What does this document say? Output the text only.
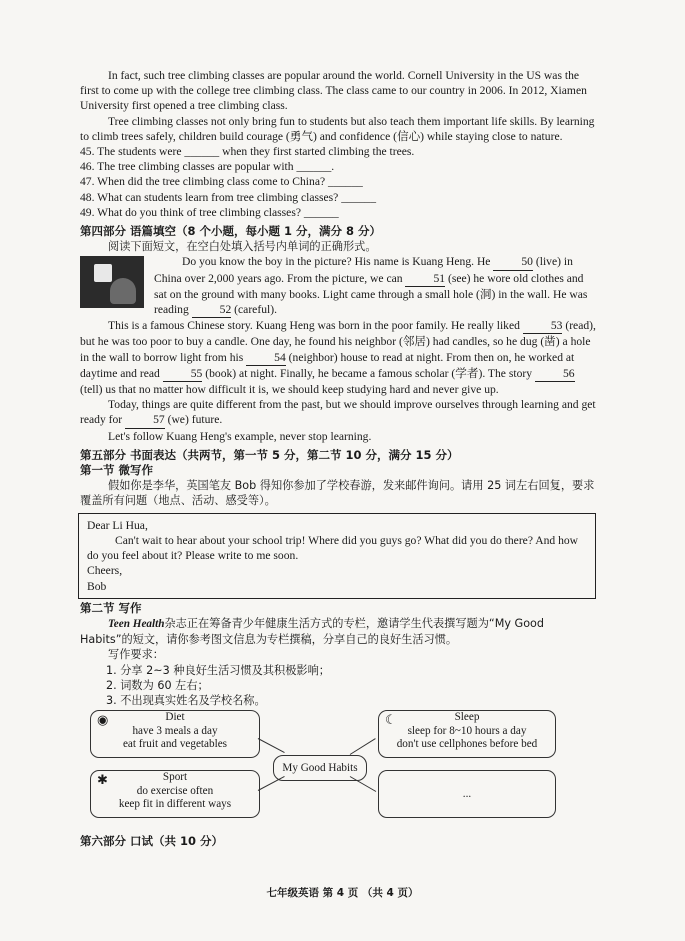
In fact, such tree climbing classes are popular around the world. Cornell University in the US was the first to come up with the college tree climbing class. The class came to our country in 2006. In 2012, Xiamen University first opened a tree climbing class.

Tree climbing classes not only bring fun to students but also teach them important life skills. By learning to climb trees safely, children build courage (勇气) and confidence (信心) while staying close to nature.

45. The students were ______ when they first started climbing the trees.

46. The tree climbing classes are popular with ______.

47. When did the tree climbing class come to China? ______

48. What can students learn from tree climbing classes? ______

49. What do you think of tree climbing classes? ______

第四部分 语篇填空（8 个小题，每小题 1 分，满分 8 分）

阅读下面短文，在空白处填入括号内单词的正确形式。

Do you know the boy in the picture? His name is Kuang Heng. He	50 (live) in China over 2,000 years ago. From the picture, we can	51 (see) he wore old clothes and sat on the ground with many books. Light came through a small hole (洞) in the wall. He was reading	52 (careful).

This is a famous Chinese story. Kuang Heng was born in the poor family. He really liked	53 (read), but he was too poor to buy a candle. One day, he found his neighbor (邻居) had candles, so he dug (凿) a hole in the wall to borrow light from his	54 (neighbor) house to read at night. From then on, he worked at daytime and read	55 (book) at night. Finally, he became a famous scholar (学者). The story	56 (tell) us that no matter how difficult it is, we should keep studying hard and never give up.

Today, things are quite different from the past, but we should improve ourselves through learning and get ready for	57 (we) future.

Let's follow Kuang Heng's example, never stop learning.

第五部分 书面表达（共两节，第一节 5 分，第二节 10 分，满分 15 分）

第一节 微写作

假如你是李华，英国笔友 Bob 得知你参加了学校春游，发来邮件询问。请用 25 词左右回复，要求覆盖所有问题（地点、活动、感受等）。

Dear Li Hua,

Can't wait to hear about your school trip! Where did you guys go? What did you do there? And how do you feel about it? Please write to me soon.

Cheers,

Bob

第二节 写作

Teen Health杂志正在筹备青少年健康生活方式的专栏，邀请学生代表撰写题为“My Good Habits”的短文，请你参考图文信息为专栏撰稿，分享自己的良好生活习惯。

写作要求：

1. 分享 2~3 种良好生活习惯及其积极影响；

2. 词数为 60 左右；

3. 不出现真实姓名及学校名称。

◉	Diet
have 3 meals a day
eat fruit and vegetables
☾	Sleep
sleep for 8~10 hours a day
don't use cellphones before bed
My Good Habits
✱	Sport
do exercise often
keep fit in different ways
...

第六部分 口试（共 10 分）

七年级英语 第 4 页 （共 4 页）
